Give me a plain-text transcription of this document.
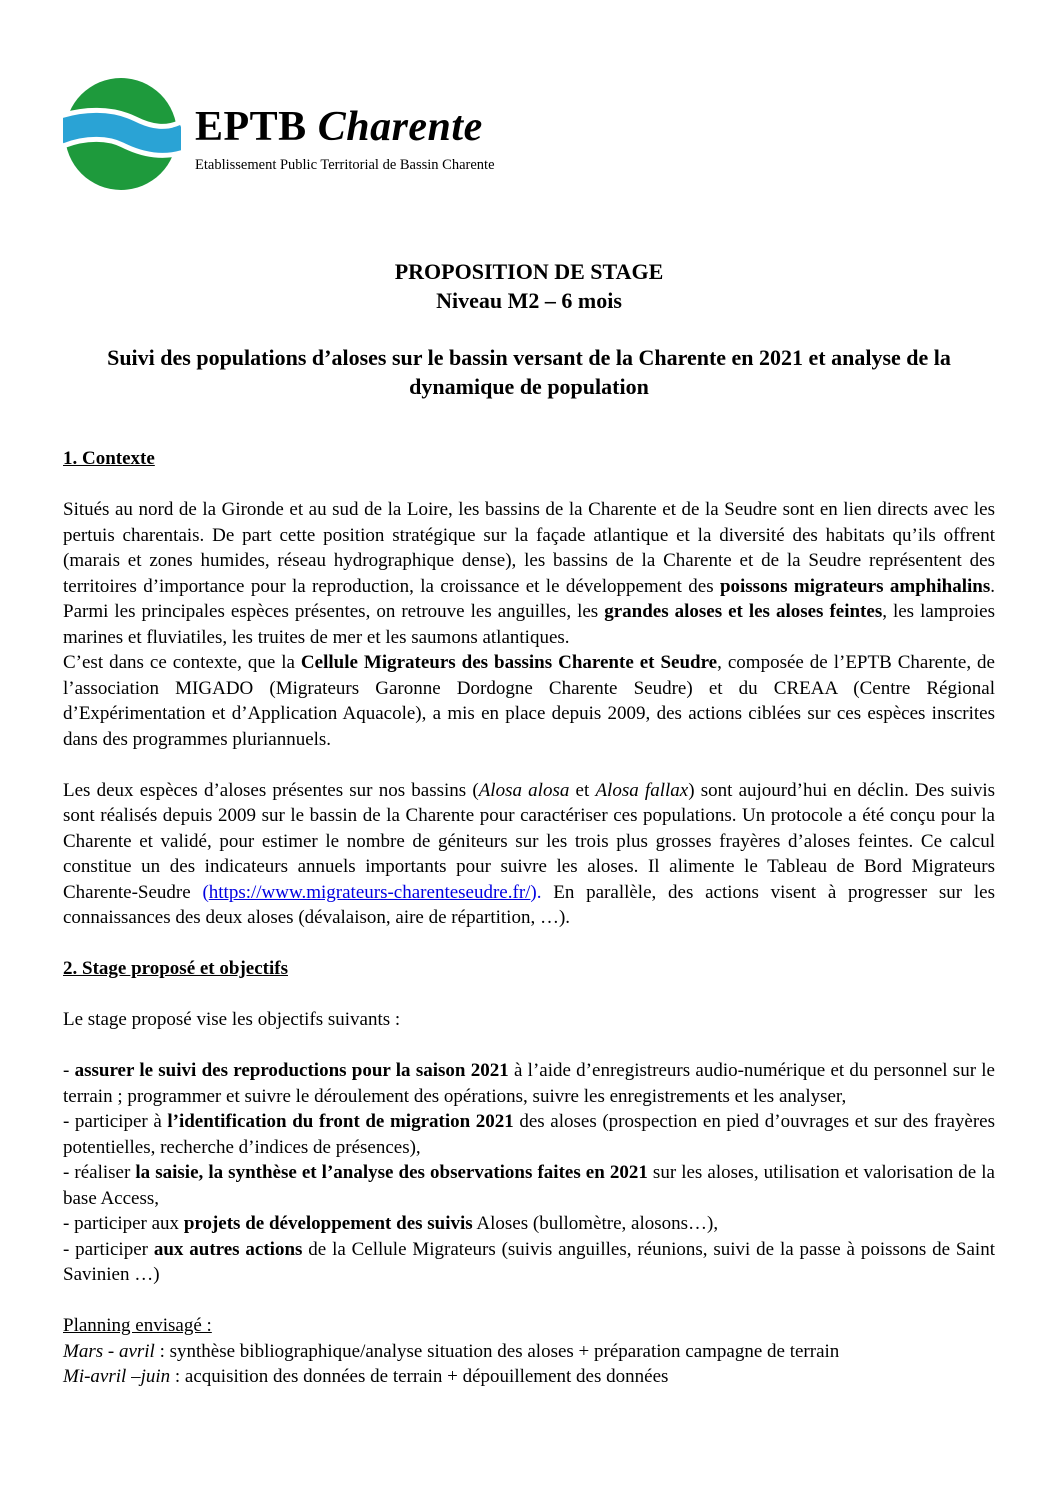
EPTB Charente
Etablissement Public Territorial de Bassin Charente
PROPOSITION DE STAGE
Niveau M2 – 6 mois
Suivi des populations d’aloses sur le bassin versant de la Charente en 2021 et analyse de la dynamique de population
1. Contexte
Situés au nord de la Gironde et au sud de la Loire, les bassins de la Charente et de la Seudre sont en lien directs avec les pertuis charentais. De part cette position stratégique sur la façade atlantique et la diversité des habitats qu’ils offrent (marais et zones humides, réseau hydrographique dense), les bassins de la Charente et de la Seudre représentent des territoires d’importance pour la reproduction, la croissance et le développement des poissons migrateurs amphihalins. Parmi les principales espèces présentes, on retrouve les anguilles, les grandes aloses et les aloses feintes, les lamproies marines et fluviatiles, les truites de mer et les saumons atlantiques.
C’est dans ce contexte, que la Cellule Migrateurs des bassins Charente et Seudre, composée de l’EPTB Charente, de l’association MIGADO (Migrateurs Garonne Dordogne Charente Seudre) et du CREAA (Centre Régional d’Expérimentation et d’Application Aquacole), a mis en place depuis 2009, des actions ciblées sur ces espèces inscrites dans des programmes pluriannuels.
Les deux espèces d’aloses présentes sur nos bassins (Alosa alosa et Alosa fallax) sont aujourd’hui en déclin. Des suivis sont réalisés depuis 2009 sur le bassin de la Charente pour caractériser ces populations. Un protocole a été conçu pour la Charente et validé, pour estimer le nombre de géniteurs sur les trois plus grosses frayères d’aloses feintes. Ce calcul constitue un des indicateurs annuels importants pour suivre les aloses. Il alimente le Tableau de Bord Migrateurs Charente-Seudre (https://www.migrateurs-charenteseudre.fr/). En parallèle, des actions visent à progresser sur les connaissances des deux aloses (dévalaison, aire de répartition, …).
2. Stage proposé et objectifs
Le stage proposé vise les objectifs suivants :
- assurer le suivi des reproductions pour la saison 2021 à l’aide d’enregistreurs audio-numérique et du personnel sur le terrain ; programmer et suivre le déroulement des opérations, suivre les enregistrements et les analyser,
- participer à l’identification du front de migration 2021 des aloses (prospection en pied d’ouvrages et sur des frayères potentielles, recherche d’indices de présences),
- réaliser la saisie, la synthèse et l’analyse des observations faites en 2021 sur les aloses, utilisation et valorisation de la base Access,
- participer aux projets de développement des suivis Aloses (bullomètre, alosons…),
- participer aux autres actions de la Cellule Migrateurs (suivis anguilles, réunions, suivi de la passe à poissons de Saint Savinien …)
Planning envisagé :
Mars - avril : synthèse bibliographique/analyse situation des aloses + préparation campagne de terrain
Mi-avril –juin : acquisition des données de terrain + dépouillement des données
